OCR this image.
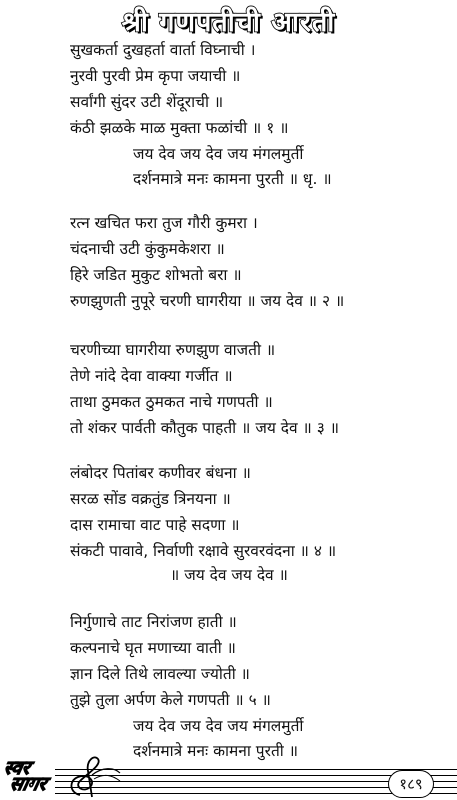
श्री गणपतीची आरती
सुखकर्ता दुखहर्ता वार्ता विघ्नाची ।
नुरवी पुरवी प्रेम कृपा जयाची ॥
सर्वांगी सुंदर उटी शेंदूराची ॥
कंठी झळके माळ मुक्ता फळांची ॥ १ ॥
जय देव जय देव जय मंगलमुर्ती
दर्शनमात्रे मनः कामना पुरती ॥ धृ. ॥
रत्न खचित फरा तुज गौरी कुमरा ।
चंदनाची उटी कुंकुमकेशरा ॥
हिरे जडित मुकुट शोभतो बरा ॥
रुणझुणती नुपूरे चरणी घागरीया ॥ जय देव ॥ २ ॥
चरणीच्या घागरीया रुणझुण वाजती ॥
तेणे नांदे देवा वाक्या गर्जीत ॥
ताथा ठुमकत ठुमकत नाचे गणपती ॥
तो शंकर पार्वती कौतुक पाहती ॥ जय देव ॥ ३ ॥
लंबोदर पितांबर कणीवर बंधना ॥
सरळ सोंड वक्रतुंड त्रिनयना ॥
दास रामाचा वाट पाहे सदणा ॥
संकटी पावावे, निर्वाणी रक्षावे सुरवरवंदना ॥ ४ ॥
॥ जय देव जय देव ॥
निर्गुणाचे ताट निरांजण हाती ॥
कल्पनाचे घृत मणाच्या वाती ॥
ज्ञान दिले तिथे लावल्या ज्योती ॥
तुझे तुला अर्पण केले गणपती ॥ ५ ॥
जय देव जय देव जय मंगलमुर्ती
दर्शनमात्रे मनः कामना पुरती ॥
स्वर
सागर	१८९
